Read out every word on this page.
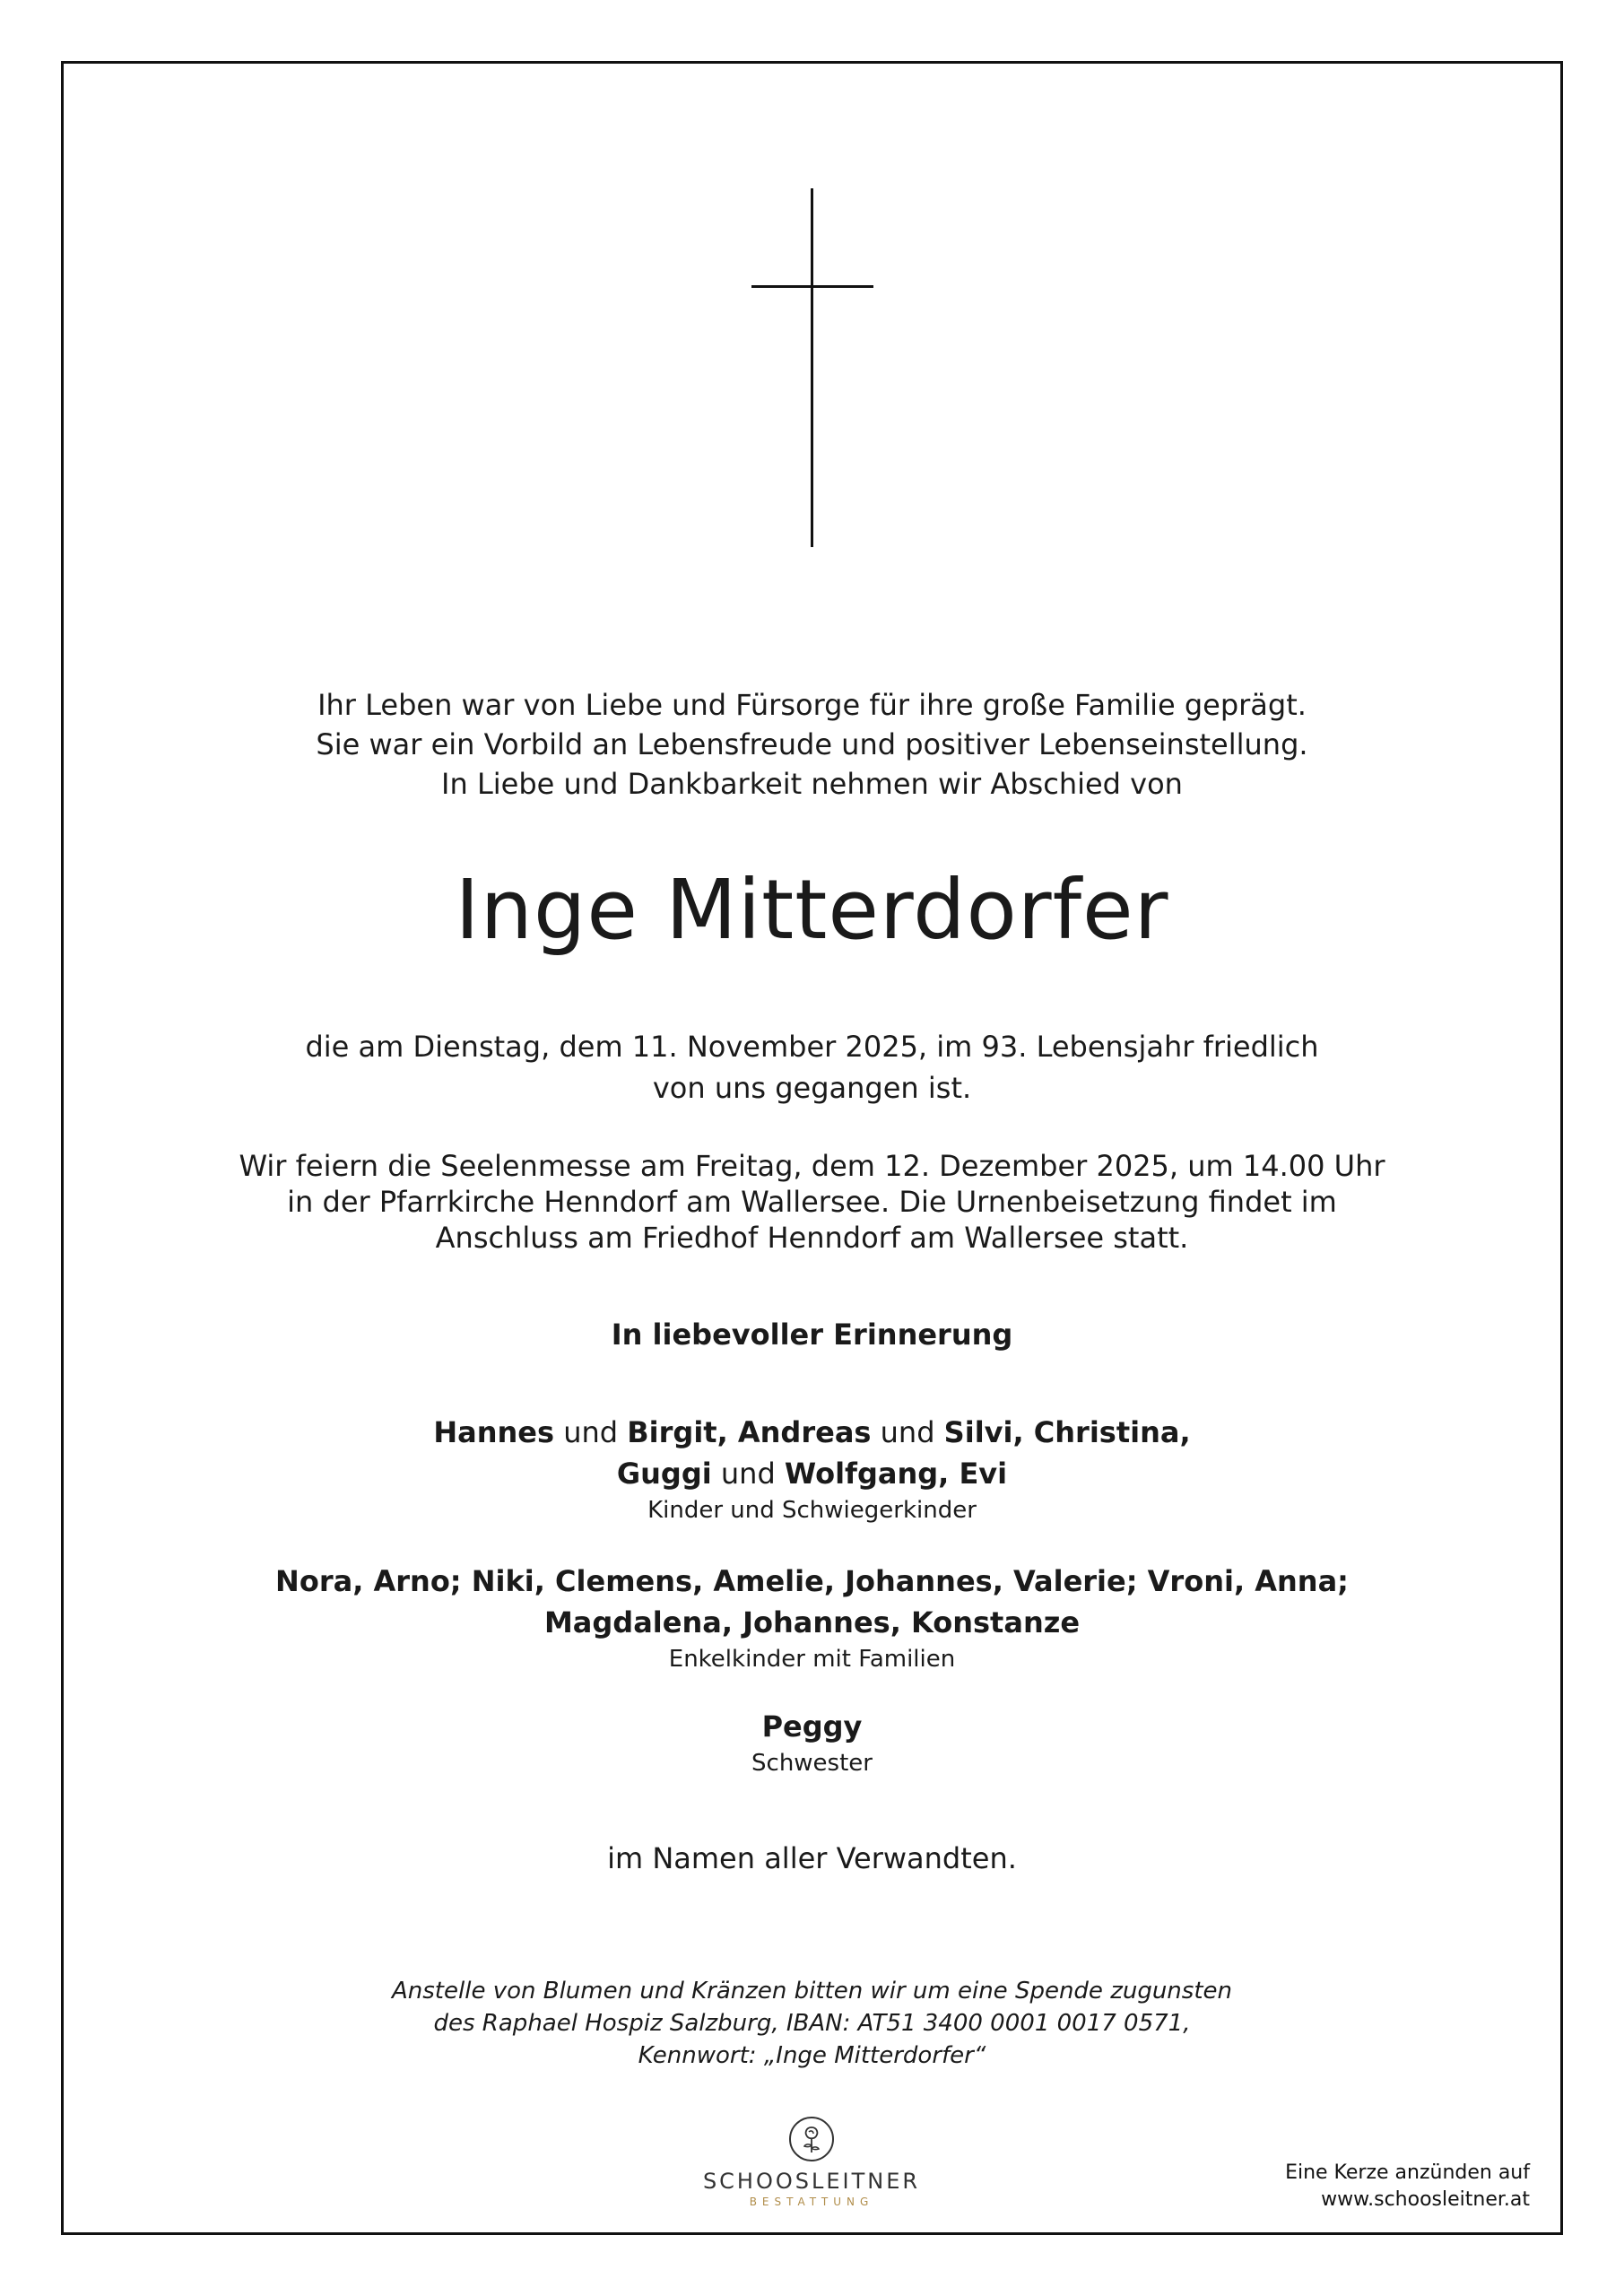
Ihr Leben war von Liebe und Fürsorge für ihre große Familie geprägt.
Sie war ein Vorbild an Lebensfreude und positiver Lebenseinstellung.
In Liebe und Dankbarkeit nehmen wir Abschied von
Inge Mitterdorfer
die am Dienstag, dem 11. November 2025, im 93. Lebensjahr friedlich
von uns gegangen ist.
Wir feiern die Seelenmesse am Freitag, dem 12. Dezember 2025, um 14.00 Uhr
in der Pfarrkirche Henndorf am Wallersee. Die Urnenbeisetzung findet im
Anschluss am Friedhof Henndorf am Wallersee statt.
In liebevoller Erinnerung
Hannes und Birgit, Andreas und Silvi, Christina,
Guggi und Wolfgang, Evi
Kinder und Schwiegerkinder
Nora, Arno; Niki, Clemens, Amelie, Johannes, Valerie; Vroni, Anna;
Magdalena, Johannes, Konstanze
Enkelkinder mit Familien
Peggy
Schwester
im Namen aller Verwandten.
Anstelle von Blumen und Kränzen bitten wir um eine Spende zugunsten
des Raphael Hospiz Salzburg, IBAN: AT51 3400 0001 0017 0571,
Kennwort: „Inge Mitterdorfer“
SCHOOSLEITNER
BESTATTUNG
Eine Kerze anzünden auf
www.schoosleitner.at
